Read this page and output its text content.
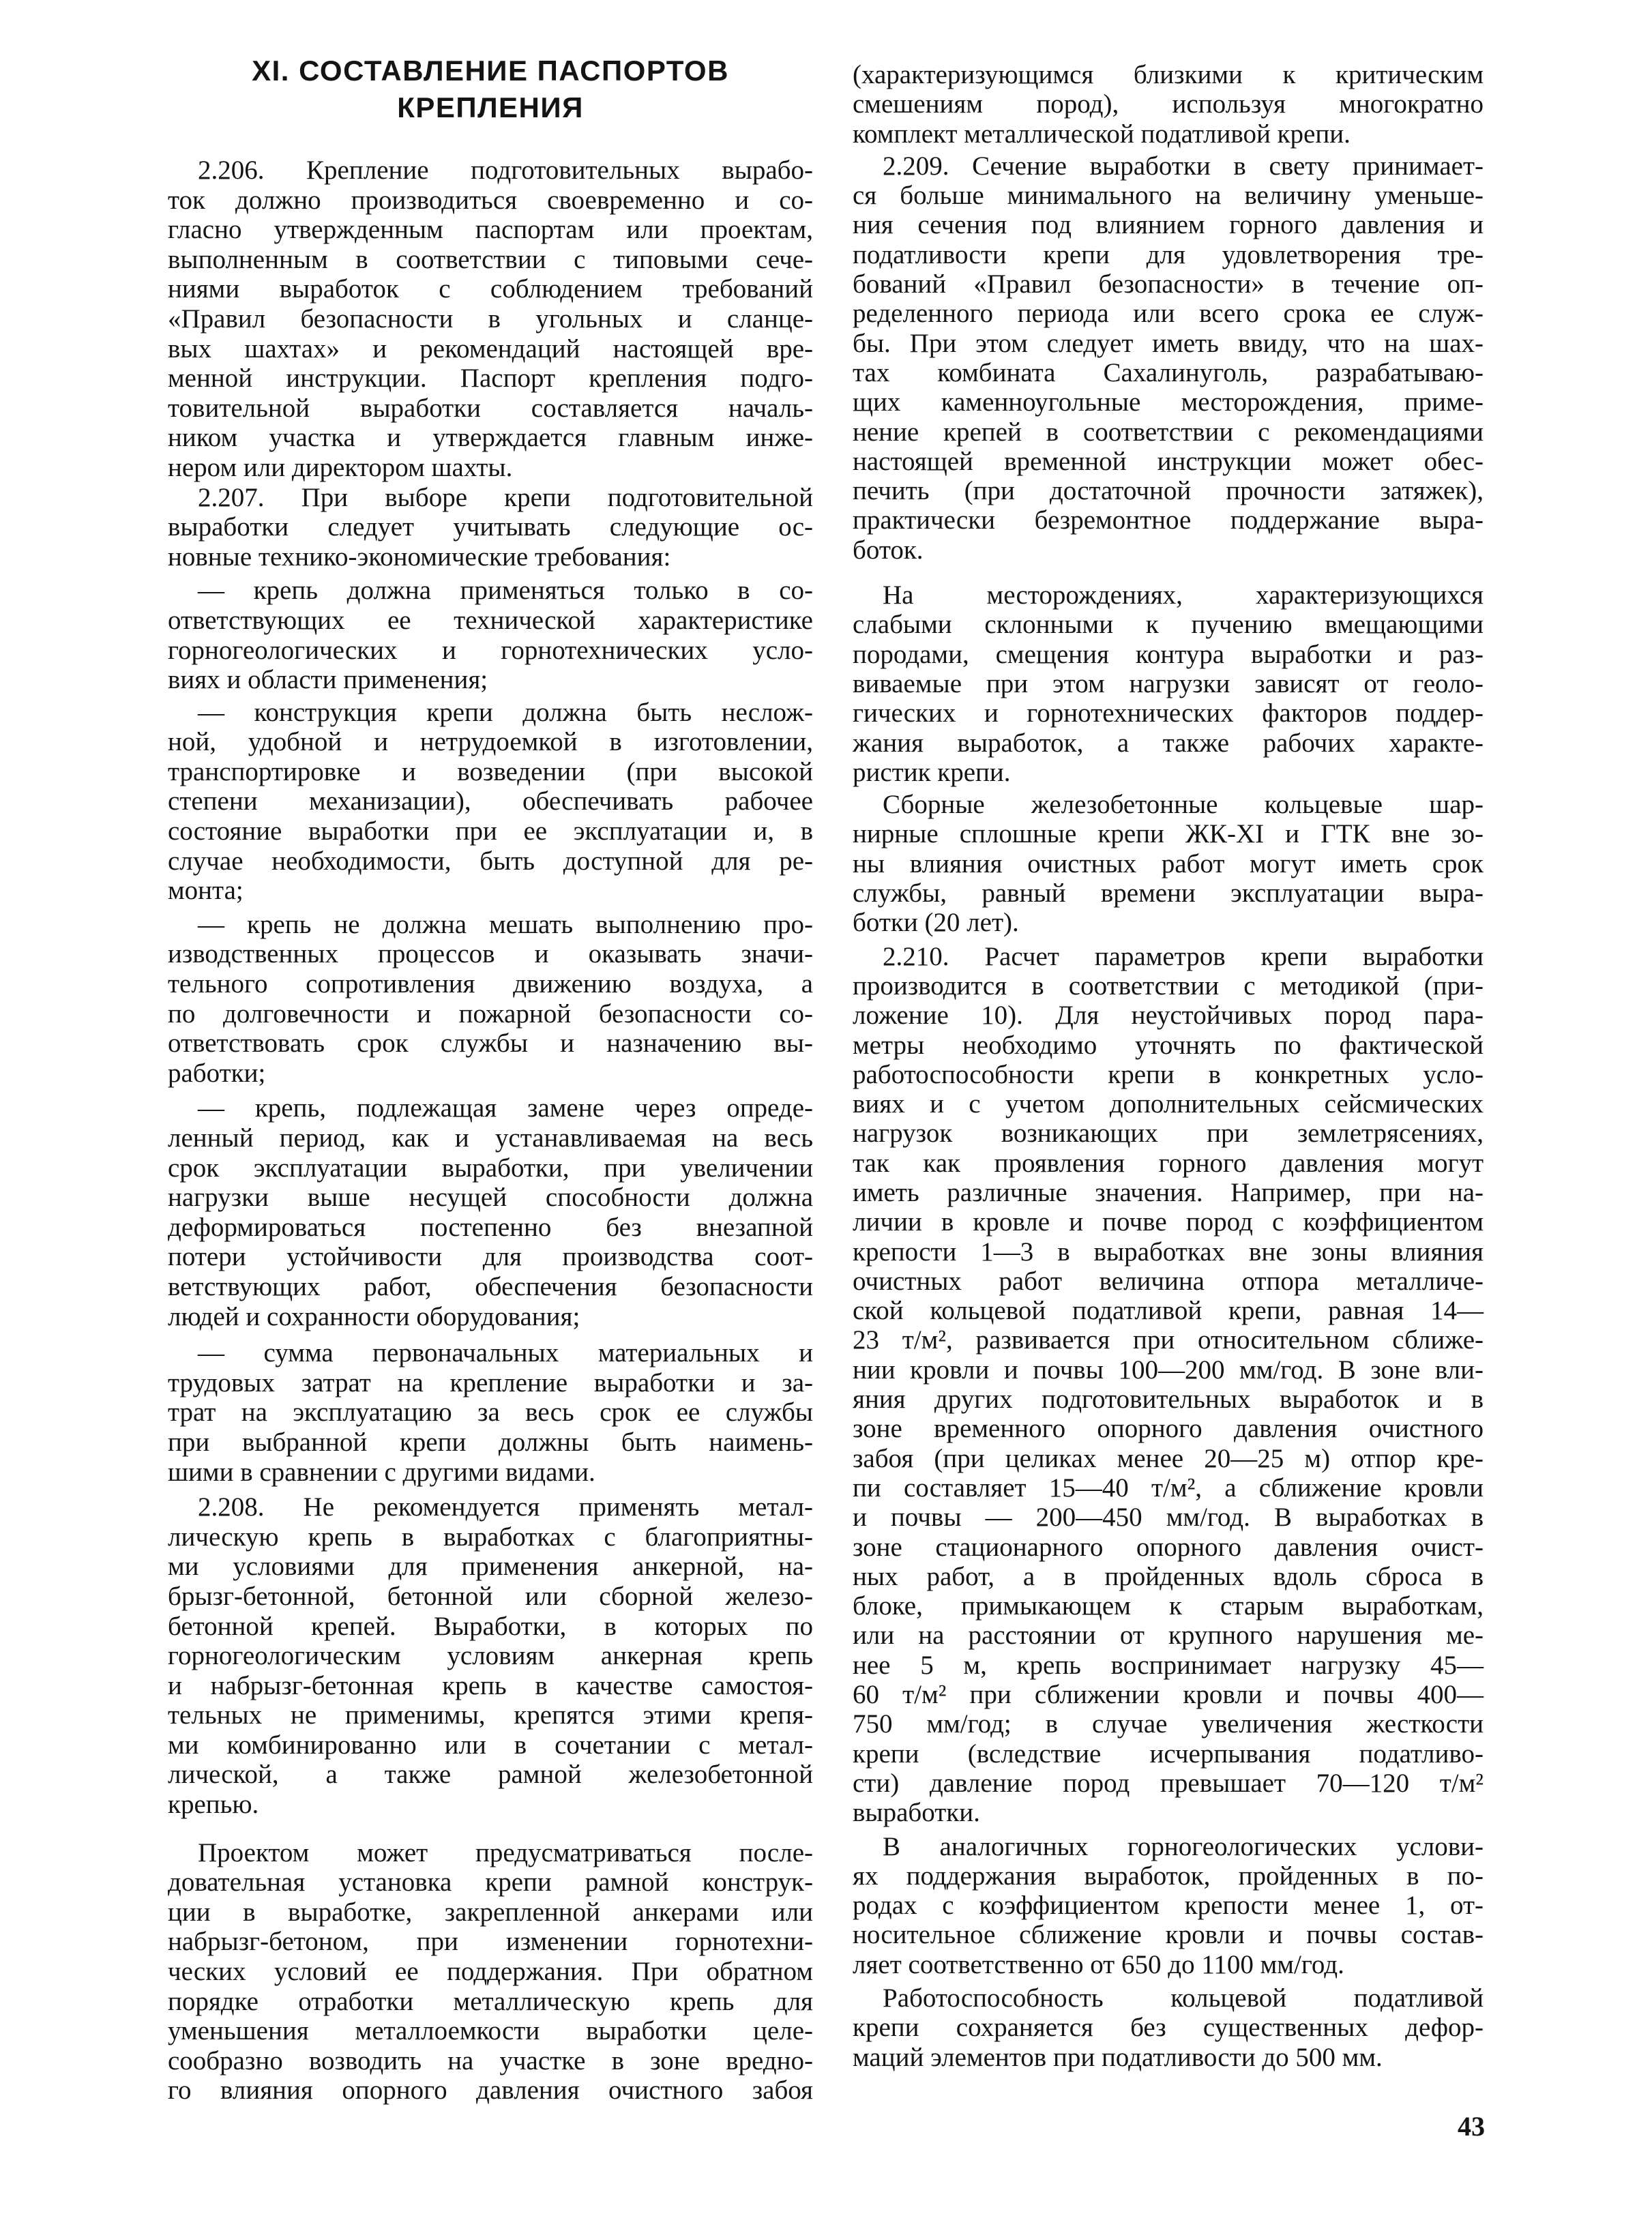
XI. СОСТАВЛЕНИЕ ПАСПОРТОВ
КРЕПЛЕНИЯ
2.206. Крепление подготовительных вырабо-
ток должно производиться своевременно и со-
гласно утвержденным паспортам или проектам,
выполненным в соответствии с типовыми сече-
ниями выработок с соблюдением требований
«Правил безопасности в угольных и сланце-
вых шахтах» и рекомендаций настоящей вре-
менной инструкции. Паспорт крепления подго-
товительной выработки составляется началь-
ником участка и утверждается главным инже-
нером или директором шахты.
2.207. При выборе крепи подготовительной
выработки следует учитывать следующие ос-
новные технико-экономические требования:
— крепь должна применяться только в со-
ответствующих ее технической характеристике
горногеологических и горнотехнических усло-
виях и области применения;
— конструкция крепи должна быть неслож-
ной, удобной и нетрудоемкой в изготовлении,
транспортировке и возведении (при высокой
степени механизации), обеспечивать рабочее
состояние выработки при ее эксплуатации и, в
случае необходимости, быть доступной для ре-
монта;
— крепь не должна мешать выполнению про-
изводственных процессов и оказывать значи-
тельного сопротивления движению воздуха, а
по долговечности и пожарной безопасности со-
ответствовать срок службы и назначению вы-
работки;
— крепь, подлежащая замене через опреде-
ленный период, как и устанавливаемая на весь
срок эксплуатации выработки, при увеличении
нагрузки выше несущей способности должна
деформироваться постепенно без внезапной
потери устойчивости для производства соот-
ветствующих работ, обеспечения безопасности
людей и сохранности оборудования;
— сумма первоначальных материальных и
трудовых затрат на крепление выработки и за-
трат на эксплуатацию за весь срок ее службы
при выбранной крепи должны быть наимень-
шими в сравнении с другими видами.
2.208. Не рекомендуется применять метал-
лическую крепь в выработках с благоприятны-
ми условиями для применения анкерной, на-
брызг-бетонной, бетонной или сборной железо-
бетонной крепей. Выработки, в которых по
горногеологическим условиям анкерная крепь
и набрызг-бетонная крепь в качестве самостоя-
тельных не применимы, крепятся этими крепя-
ми комбинированно или в сочетании с метал-
лической, а также рамной железобетонной
крепью.
Проектом может предусматриваться после-
довательная установка крепи рамной конструк-
ции в выработке, закрепленной анкерами или
набрызг-бетоном, при изменении горнотехни-
ческих условий ее поддержания. При обратном
порядке отработки металлическую крепь для
уменьшения металлоемкости выработки целе-
сообразно возводить на участке в зоне вредно-
го влияния опорного давления очистного забоя
(характеризующимся близкими к критическим
смешениям пород), используя многократно
комплект металлической податливой крепи.
2.209. Сечение выработки в свету принимает-
ся больше минимального на величину уменьше-
ния сечения под влиянием горного давления и
податливости крепи для удовлетворения тре-
бований «Правил безопасности» в течение оп-
ределенного периода или всего срока ее служ-
бы. При этом следует иметь ввиду, что на шах-
тах комбината Сахалинуголь, разрабатываю-
щих каменноугольные месторождения, приме-
нение крепей в соответствии с рекомендациями
настоящей временной инструкции может обес-
печить (при достаточной прочности затяжек),
практически безремонтное поддержание выра-
боток.
На месторождениях, характеризующихся
слабыми склонными к пучению вмещающими
породами, смещения контура выработки и раз-
виваемые при этом нагрузки зависят от геоло-
гических и горнотехнических факторов поддер-
жания выработок, а также рабочих характе-
ристик крепи.
Сборные железобетонные кольцевые шар-
нирные сплошные крепи ЖК-XI и ГТК вне зо-
ны влияния очистных работ могут иметь срок
службы, равный времени эксплуатации выра-
ботки (20 лет).
2.210. Расчет параметров крепи выработки
производится в соответствии с методикой (при-
ложение 10). Для неустойчивых пород пара-
метры необходимо уточнять по фактической
работоспособности крепи в конкретных усло-
виях и с учетом дополнительных сейсмических
нагрузок возникающих при землетрясениях,
так как проявления горного давления могут
иметь различные значения. Например, при на-
личии в кровле и почве пород с коэффициентом
крепости 1—3 в выработках вне зоны влияния
очистных работ величина отпора металличе-
ской кольцевой податливой крепи, равная 14—
23 т/м², развивается при относительном сближе-
нии кровли и почвы 100—200 мм/год. В зоне вли-
яния других подготовительных выработок и в
зоне временного опорного давления очистного
забоя (при целиках менее 20—25 м) отпор кре-
пи составляет 15—40 т/м², а сближение кровли
и почвы — 200—450 мм/год. В выработках в
зоне стационарного опорного давления очист-
ных работ, а в пройденных вдоль сброса в
блоке, примыкающем к старым выработкам,
или на расстоянии от крупного нарушения ме-
нее 5 м, крепь воспринимает нагрузку 45—
60 т/м² при сближении кровли и почвы 400—
750 мм/год; в случае увеличения жесткости
крепи (вследствие исчерпывания податливо-
сти) давление пород превышает 70—120 т/м²
выработки.
В аналогичных горногеологических услови-
ях поддержания выработок, пройденных в по-
родах с коэффициентом крепости менее 1, от-
носительное сближение кровли и почвы состав-
ляет соответственно от 650 до 1100 мм/год.
Работоспособность кольцевой податливой
крепи сохраняется без существенных дефор-
маций элементов при податливости до 500 мм.
43
